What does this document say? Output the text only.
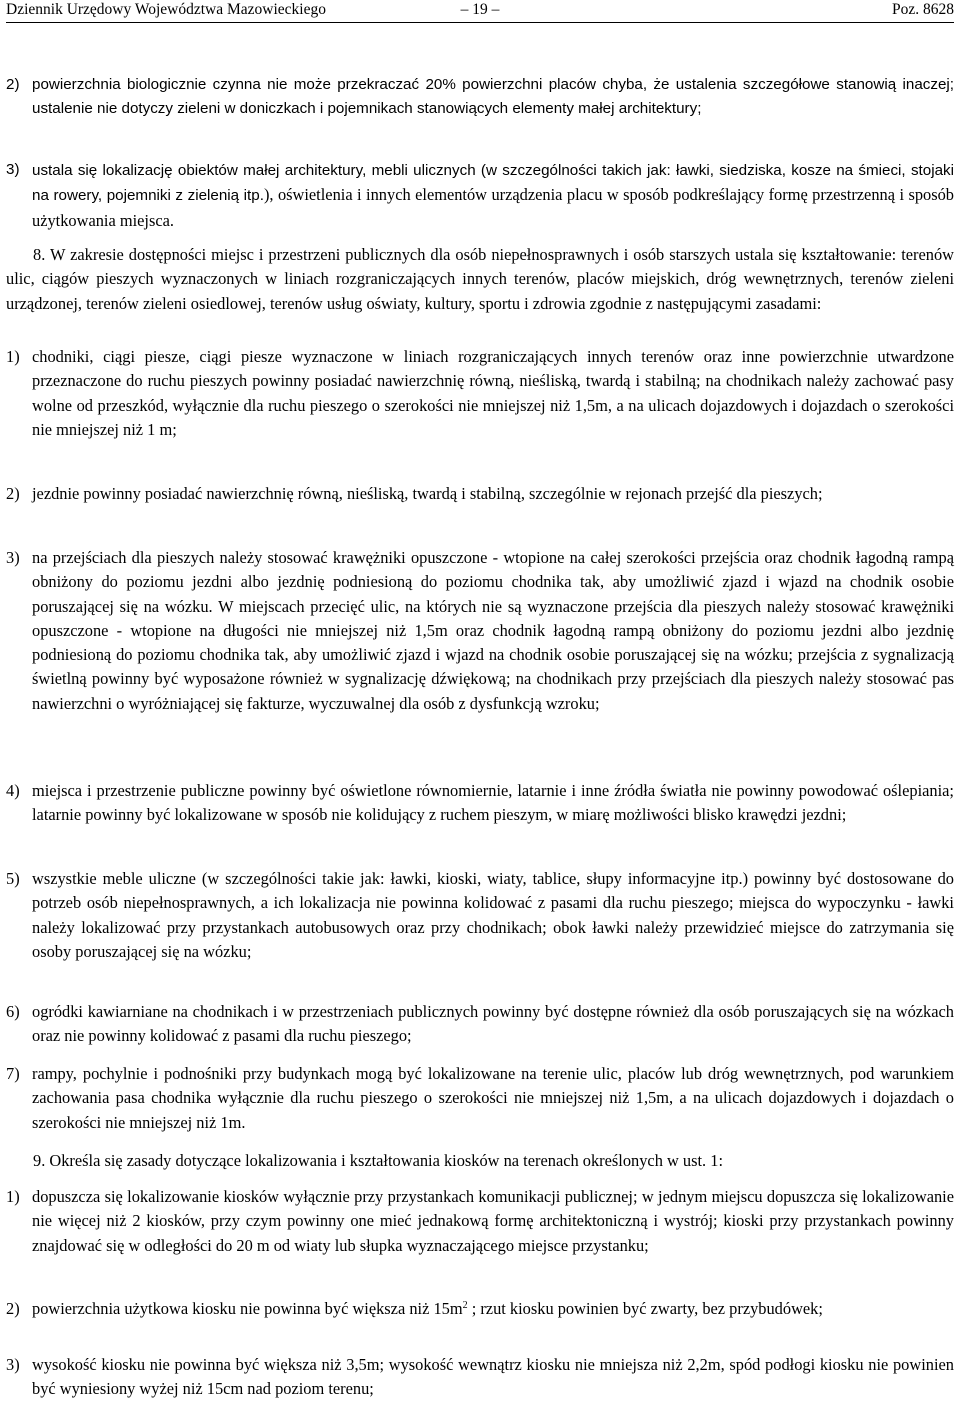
Dziennik Urzędowy Województwa Mazowieckiego	– 19 –	Poz. 8628
2) powierzchnia biologicznie czynna nie może przekraczać 20% powierzchni placów chyba, że ustalenia szczegółowe stanowią inaczej; ustalenie nie dotyczy zieleni w doniczkach i pojemnikach stanowiących elementy małej architektury;
3) ustala się lokalizację obiektów małej architektury, mebli ulicznych (w szczególności takich jak: ławki, siedziska, kosze na śmieci, stojaki na rowery, pojemniki z zielenią itp.), oświetlenia i innych elementów urządzenia placu w sposób podkreślający formę przestrzenną i sposób użytkowania miejsca.

8. W zakresie dostępności miejsc i przestrzeni publicznych dla osób niepełnosprawnych i osób starszych ustala się kształtowanie: terenów ulic, ciągów pieszych wyznaczonych w liniach rozgraniczających innych terenów, placów miejskich, dróg wewnętrznych, terenów zieleni urządzonej, terenów zieleni osiedlowej, terenów usług oświaty, kultury, sportu i zdrowia zgodnie z następującymi zasadami:

1) chodniki, ciągi piesze, ciągi piesze wyznaczone w liniach rozgraniczających innych terenów oraz inne powierzchnie utwardzone przeznaczone do ruchu pieszych powinny posiadać nawierzchnię równą, nieśliską, twardą i stabilną; na chodnikach należy zachować pasy wolne od przeszkód, wyłącznie dla ruchu pieszego o szerokości nie mniejszej niż 1,5m, a na ulicach dojazdowych i dojazdach o szerokości nie mniejszej niż 1 m;
2) jezdnie powinny posiadać nawierzchnię równą, nieśliską, twardą i stabilną, szczególnie w rejonach przejść dla pieszych;
3) na przejściach dla pieszych należy stosować krawężniki opuszczone - wtopione na całej szerokości przejścia oraz chodnik łagodną rampą obniżony do poziomu jezdni albo jezdnię podniesioną do poziomu chodnika tak, aby umożliwić zjazd i wjazd na chodnik osobie poruszającej się na wózku. W miejscach przecięć ulic, na których nie są wyznaczone przejścia dla pieszych należy stosować krawężniki opuszczone - wtopione na długości nie mniejszej niż 1,5m oraz chodnik łagodną rampą obniżony do poziomu jezdni albo jezdnię podniesioną do poziomu chodnika tak, aby umożliwić zjazd i wjazd na chodnik osobie poruszającej się na wózku; przejścia z sygnalizacją świetlną powinny być wyposażone również w sygnalizację dźwiękową; na chodnikach przy przejściach dla pieszych należy stosować pas nawierzchni o wyróżniającej się fakturze, wyczuwalnej dla osób z dysfunkcją wzroku;
4) miejsca i przestrzenie publiczne powinny być oświetlone równomiernie, latarnie i inne źródła światła nie powinny powodować oślepiania; latarnie powinny być lokalizowane w sposób nie kolidujący z ruchem pieszym, w miarę możliwości blisko krawędzi jezdni;
5) wszystkie meble uliczne (w szczególności takie jak: ławki, kioski, wiaty, tablice, słupy informacyjne itp.) powinny być dostosowane do potrzeb osób niepełnosprawnych, a ich lokalizacja nie powinna kolidować z pasami dla ruchu pieszego; miejsca do wypoczynku - ławki należy lokalizować przy przystankach autobusowych oraz przy chodnikach; obok ławki należy przewidzieć miejsce do zatrzymania się osoby poruszającej się na wózku;
6) ogródki kawiarniane na chodnikach i w przestrzeniach publicznych powinny być dostępne również dla osób poruszających się na wózkach oraz nie powinny kolidować z pasami dla ruchu pieszego;
7) rampy, pochylnie i podnośniki przy budynkach mogą być lokalizowane na terenie ulic, placów lub dróg wewnętrznych, pod warunkiem zachowania pasa chodnika wyłącznie dla ruchu pieszego o szerokości nie mniejszej niż 1,5m, a na ulicach dojazdowych i dojazdach o szerokości nie mniejszej niż 1m.

9. Określa się zasady dotyczące lokalizowania i kształtowania kiosków na terenach określonych w ust. 1:

1) dopuszcza się lokalizowanie kiosków wyłącznie przy przystankach komunikacji publicznej; w jednym miejscu dopuszcza się lokalizowanie nie więcej niż 2 kiosków, przy czym powinny one mieć jednakową formę architektoniczną i wystrój; kioski przy przystankach powinny znajdować się w odległości do 20 m od wiaty lub słupka wyznaczającego miejsce przystanku;
2) powierzchnia użytkowa kiosku nie powinna być większa niż $15m^2$ ; rzut kiosku powinien być zwarty, bez przybudówek;
3) wysokość kiosku nie powinna być większa niż 3,5m; wysokość wewnątrz kiosku nie mniejsza niż 2,2m, spód podłogi kiosku nie powinien być wyniesiony wyżej niż 15cm nad poziom terenu;
